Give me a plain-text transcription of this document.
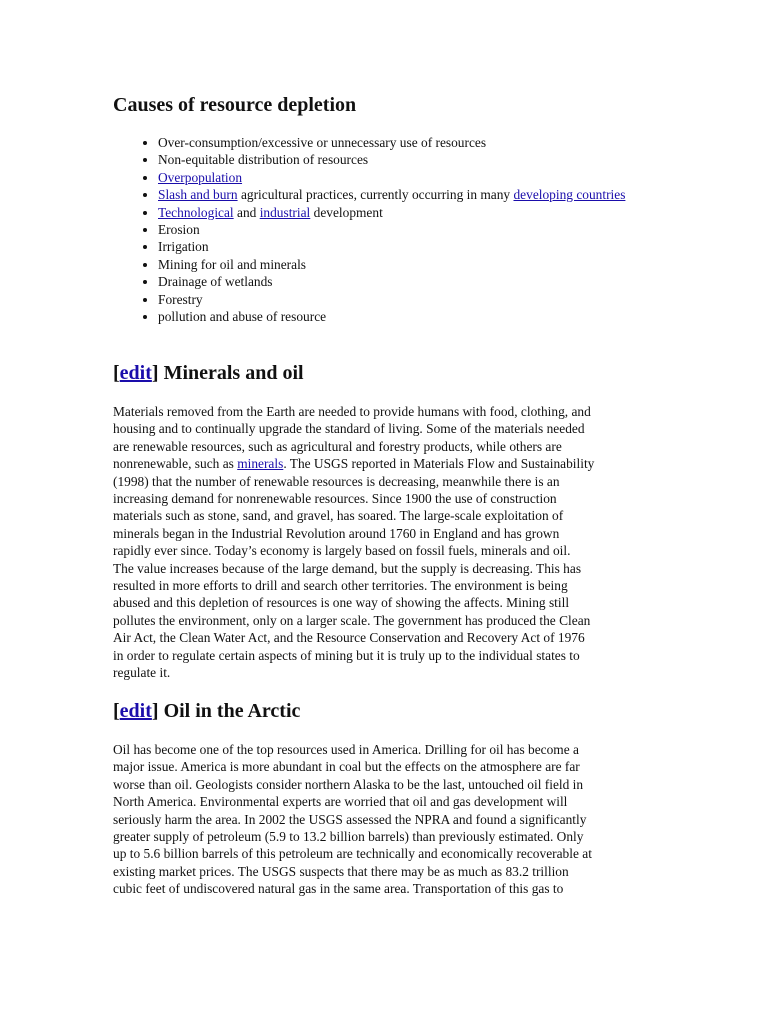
Causes of resource depletion
• Over-consumption/excessive or unnecessary use of resources
• Non-equitable distribution of resources
• Overpopulation
• Slash and burn agricultural practices, currently occurring in many developing countries
• Technological and industrial development
• Erosion
• Irrigation
• Mining for oil and minerals
• Drainage of wetlands
• Forestry
• pollution and abuse of resource
[edit] Minerals and oil
Materials removed from the Earth are needed to provide humans with food, clothing, and
housing and to continually upgrade the standard of living. Some of the materials needed
are renewable resources, such as agricultural and forestry products, while others are
nonrenewable, such as minerals. The USGS reported in Materials Flow and Sustainability
(1998) that the number of renewable resources is decreasing, meanwhile there is an
increasing demand for nonrenewable resources. Since 1900 the use of construction
materials such as stone, sand, and gravel, has soared. The large-scale exploitation of
minerals began in the Industrial Revolution around 1760 in England and has grown
rapidly ever since. Today’s economy is largely based on fossil fuels, minerals and oil.
The value increases because of the large demand, but the supply is decreasing. This has
resulted in more efforts to drill and search other territories. The environment is being
abused and this depletion of resources is one way of showing the affects. Mining still
pollutes the environment, only on a larger scale. The government has produced the Clean
Air Act, the Clean Water Act, and the Resource Conservation and Recovery Act of 1976
in order to regulate certain aspects of mining but it is truly up to the individual states to
regulate it.
[edit] Oil in the Arctic
Oil has become one of the top resources used in America. Drilling for oil has become a
major issue. America is more abundant in coal but the effects on the atmosphere are far
worse than oil. Geologists consider northern Alaska to be the last, untouched oil field in
North America. Environmental experts are worried that oil and gas development will
seriously harm the area. In 2002 the USGS assessed the NPRA and found a significantly
greater supply of petroleum (5.9 to 13.2 billion barrels) than previously estimated. Only
up to 5.6 billion barrels of this petroleum are technically and economically recoverable at
existing market prices. The USGS suspects that there may be as much as 83.2 trillion
cubic feet of undiscovered natural gas in the same area. Transportation of this gas to
